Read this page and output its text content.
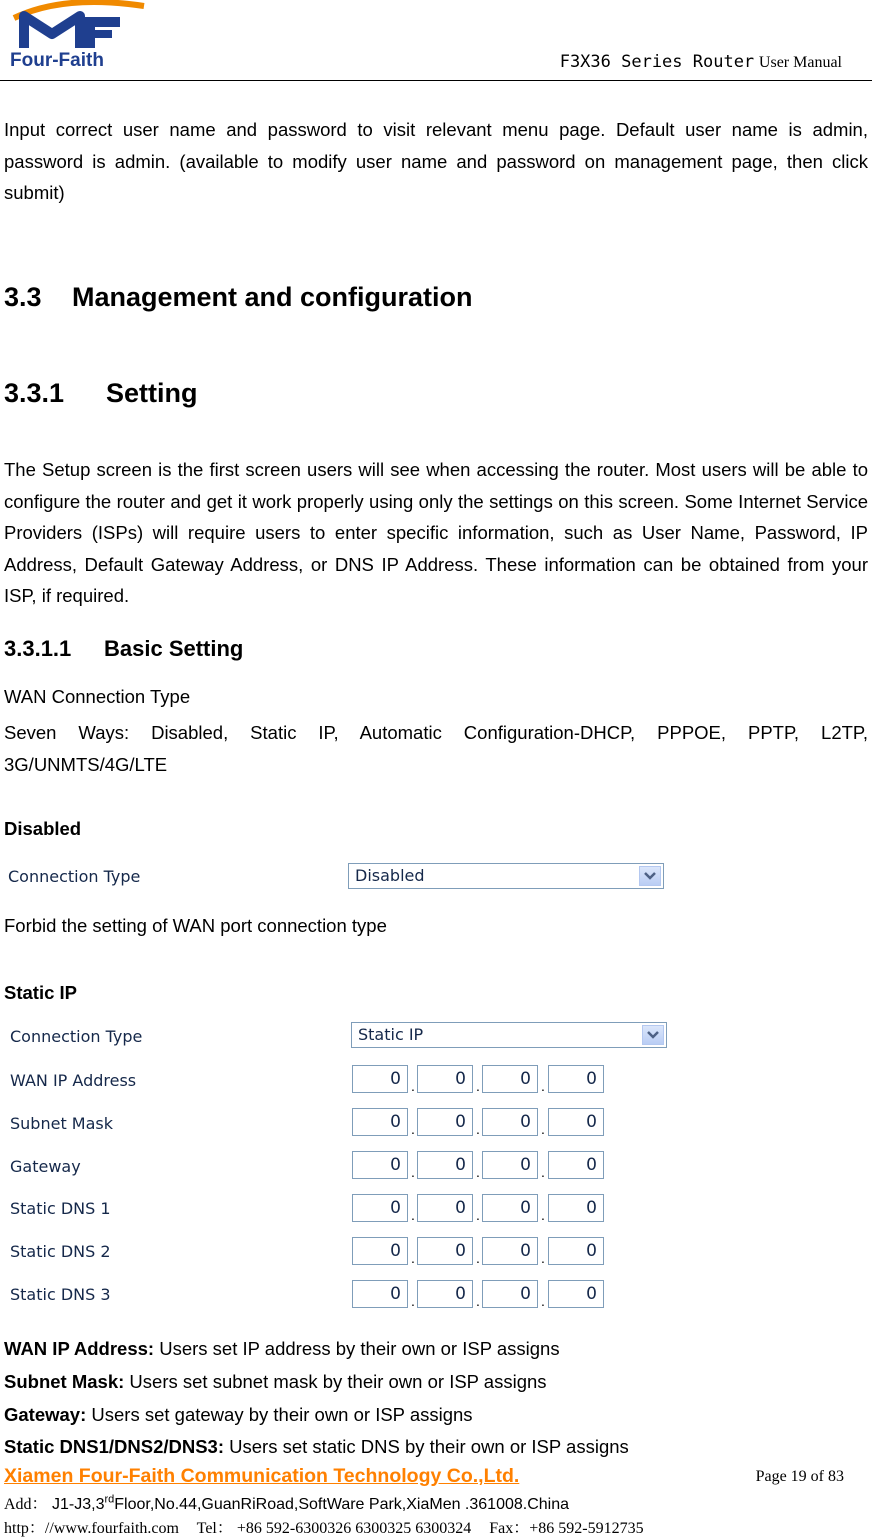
Four-Faith	F3X36 Series Router User Manual
Input correct user name and password to visit relevant menu page. Default user name is admin, password is admin. (available to modify user name and password on management page, then click submit)
3.3 Management and configuration
3.3.1 Setting
The Setup screen is the first screen users will see when accessing the router. Most users will be able to configure the router and get it work properly using only the settings on this screen. Some Internet Service Providers (ISPs) will require users to enter specific information, such as User Name, Password, IP Address, Default Gateway Address, or DNS IP Address. These information can be obtained from your ISP, if required.
3.3.1.1 Basic Setting
WAN Connection Type
Seven Ways: Disabled, Static IP, Automatic Configuration-DHCP, PPPOE, PPTP, L2TP, 3G/UNMTS/4G/LTE
Disabled
Connection Type	Disabled
Forbid the setting of WAN port connection type
Static IP
Connection Type	Static IP
WAN IP Address	0 .	0 .	0 .	0
Subnet Mask	0 .	0 .	0 .	0
Gateway	0 .	0 .	0 .	0
Static DNS 1	0 .	0 .	0 .	0
Static DNS 2	0 .	0 .	0 .	0
Static DNS 3	0 .	0 .	0 .	0
WAN IP Address: Users set IP address by their own or ISP assigns
Subnet Mask: Users set subnet mask by their own or ISP assigns
Gateway: Users set gateway by their own or ISP assigns
Static DNS1/DNS2/DNS3: Users set static DNS by their own or ISP assigns
Xiamen Four-Faith Communication Technology Co.,Ltd.	Page 19 of 83
Add： J1-J3,3rdFloor,No.44,GuanRiRoad,SoftWare Park,XiaMen .361008.China
http：//www.fourfaith.com Tel： +86 592-6300326 6300325 6300324 Fax：+86 592-5912735
